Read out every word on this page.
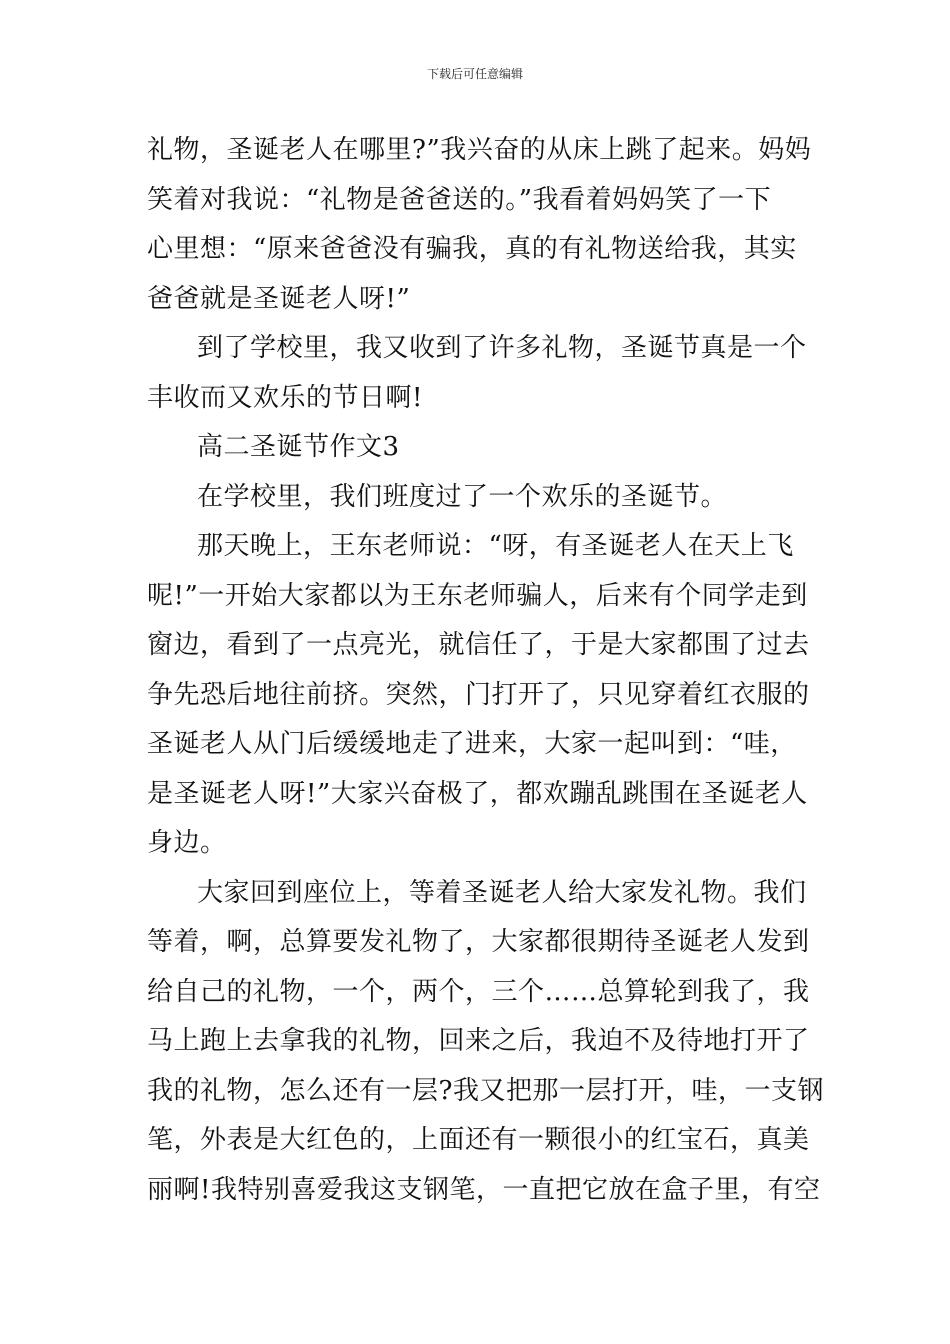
下载后可任意编辑
礼物，圣诞老人在哪里?”我兴奋的从床上跳了起来。妈妈
笑着对我说：“礼物是爸爸送的。”我看着妈妈笑了一下
心里想：“原来爸爸没有骗我，真的有礼物送给我，其实
爸爸就是圣诞老人呀!”
到了学校里，我又收到了许多礼物，圣诞节真是一个
丰收而又欢乐的节日啊!
高二圣诞节作文3
在学校里，我们班度过了一个欢乐的圣诞节。
那天晚上，王东老师说：“呀，有圣诞老人在天上飞
呢!”一开始大家都以为王东老师骗人，后来有个同学走到
窗边，看到了一点亮光，就信任了，于是大家都围了过去
争先恐后地往前挤。突然，门打开了，只见穿着红衣服的
圣诞老人从门后缓缓地走了进来，大家一起叫到：“哇，
是圣诞老人呀!”大家兴奋极了，都欢蹦乱跳围在圣诞老人
身边。
大家回到座位上，等着圣诞老人给大家发礼物。我们
等着，啊，总算要发礼物了，大家都很期待圣诞老人发到
给自己的礼物，一个，两个，三个……总算轮到我了，我
马上跑上去拿我的礼物，回来之后，我迫不及待地打开了
我的礼物，怎么还有一层?我又把那一层打开，哇，一支钢
笔，外表是大红色的，上面还有一颗很小的红宝石，真美
丽啊!我特别喜爱我这支钢笔，一直把它放在盒子里，有空
